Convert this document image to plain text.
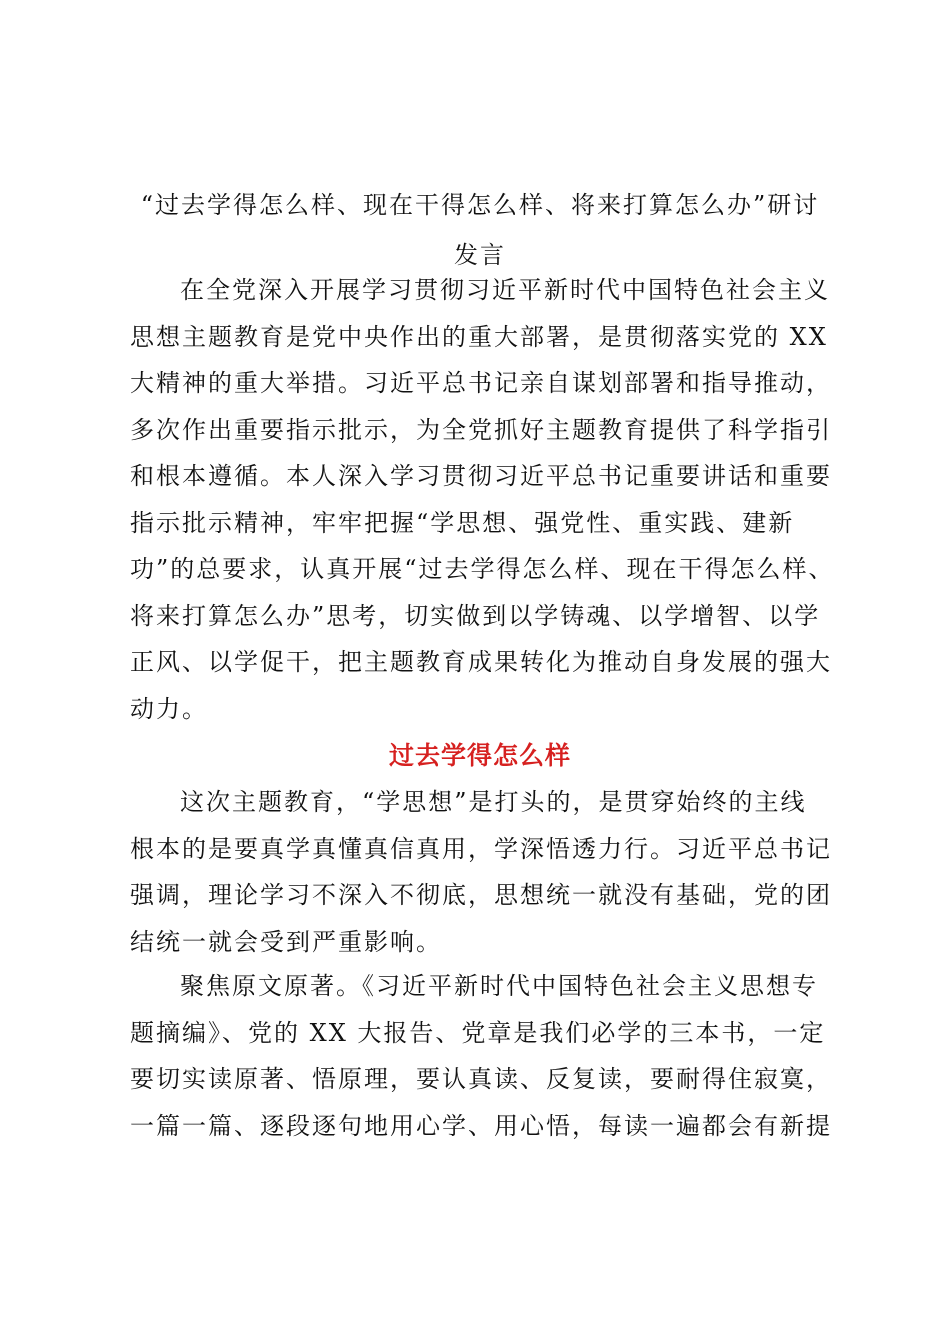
“过去学得怎么样、现在干得怎么样、将来打算怎么办”研讨
发言

在全党深入开展学习贯彻习近平新时代中国特色社会主义
思想主题教育是党中央作出的重大部署，是贯彻落实党的 XX
大精神的重大举措。习近平总书记亲自谋划部署和指导推动，
多次作出重要指示批示，为全党抓好主题教育提供了科学指引
和根本遵循。本人深入学习贯彻习近平总书记重要讲话和重要
指示批示精神，牢牢把握“学思想、强党性、重实践、建新
功”的总要求，认真开展“过去学得怎么样、现在干得怎么样、
将来打算怎么办”思考，切实做到以学铸魂、以学增智、以学
正风、以学促干，把主题教育成果转化为推动自身发展的强大
动力。

过去学得怎么样

这次主题教育，“学思想”是打头的，是贯穿始终的主线
根本的是要真学真懂真信真用，学深悟透力行。习近平总书记
强调，理论学习不深入不彻底，思想统一就没有基础，党的团
结统一就会受到严重影响。

聚焦原文原著。《习近平新时代中国特色社会主义思想专
题摘编》、党的 XX 大报告、党章是我们必学的三本书，一定
要切实读原著、悟原理，要认真读、反复读，要耐得住寂寞，
一篇一篇、逐段逐句地用心学、用心悟，每读一遍都会有新提
